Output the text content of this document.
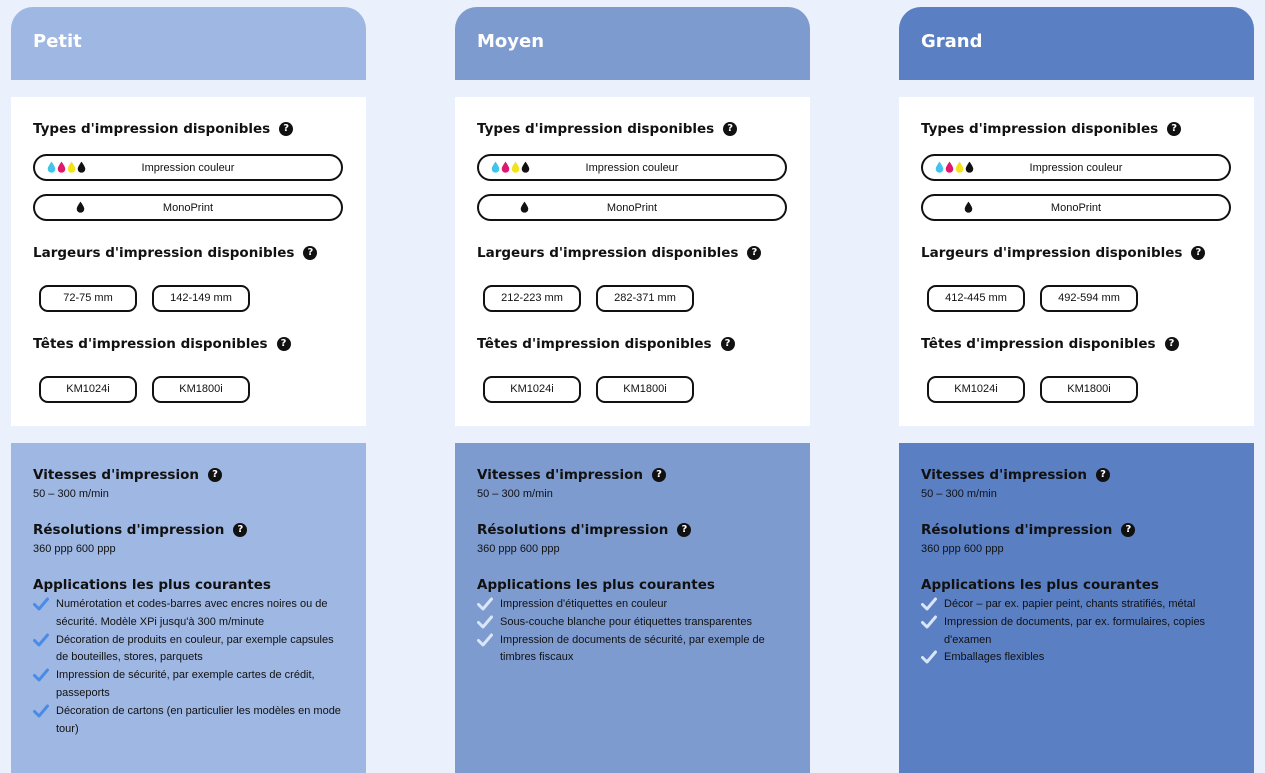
Petit
Types d'impression disponibles	?
Impression couleur
MonoPrint
Largeurs d'impression disponibles	?
72-75 mm	142-149 mm
Têtes d'impression disponibles	?
KM1024i	KM1800i
Vitesses d'impression	?
50 – 300 m/min
Résolutions d'impression	?
360 ppp 600 ppp
Applications les plus courantes
Numérotation et codes-barres avec encres noires ou de sécurité. Modèle XPi jusqu'à 300 m/minute
Décoration de produits en couleur, par exemple capsules de bouteilles, stores, parquets
Impression de sécurité, par exemple cartes de crédit, passeports
Décoration de cartons (en particulier les modèles en mode tour)
Moyen
Types d'impression disponibles	?
Impression couleur
MonoPrint
Largeurs d'impression disponibles	?
212-223 mm	282-371 mm
Têtes d'impression disponibles	?
KM1024i	KM1800i
Vitesses d'impression	?
50 – 300 m/min
Résolutions d'impression	?
360 ppp 600 ppp
Applications les plus courantes
Impression d'étiquettes en couleur
Sous-couche blanche pour étiquettes transparentes
Impression de documents de sécurité, par exemple de timbres fiscaux
Grand
Types d'impression disponibles	?
Impression couleur
MonoPrint
Largeurs d'impression disponibles	?
412-445 mm	492-594 mm
Têtes d'impression disponibles	?
KM1024i	KM1800i
Vitesses d'impression	?
50 – 300 m/min
Résolutions d'impression	?
360 ppp 600 ppp
Applications les plus courantes
Décor – par ex. papier peint, chants stratifiés, métal
Impression de documents, par ex. formulaires, copies d'examen
Emballages flexibles
